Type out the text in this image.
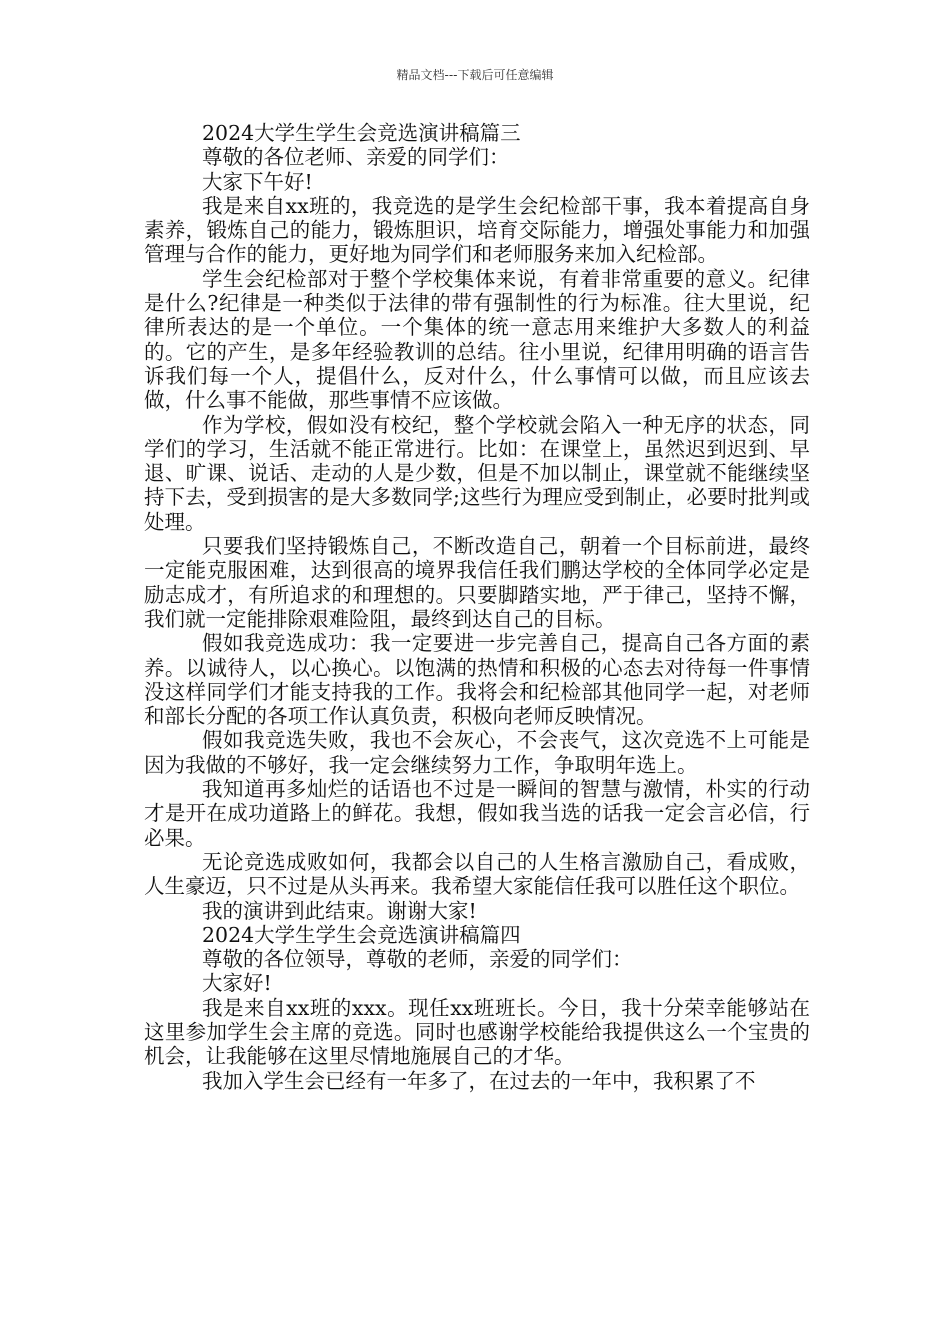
精品文档---下载后可任意编辑

2024大学生学生会竞选演讲稿篇三

尊敬的各位老师、亲爱的同学们：

大家下午好!

我是来自xx班的，我竞选的是学生会纪检部干事，我本着提高自身素养，锻炼自己的能力，锻炼胆识，培育交际能力，增强处事能力和加强管理与合作的能力，更好地为同学们和老师服务来加入纪检部。

学生会纪检部对于整个学校集体来说，有着非常重要的意义。纪律是什么?纪律是一种类似于法律的带有强制性的行为标准。往大里说，纪律所表达的是一个单位。一个集体的统一意志用来维护大多数人的利益的。它的产生，是多年经验教训的总结。往小里说，纪律用明确的语言告诉我们每一个人，提倡什么，反对什么，什么事情可以做，而且应该去做，什么事不能做，那些事情不应该做。

作为学校，假如没有校纪，整个学校就会陷入一种无序的状态，同学们的学习，生活就不能正常进行。比如：在课堂上，虽然迟到迟到、早退、旷课、说话、走动的人是少数，但是不加以制止，课堂就不能继续坚持下去，受到损害的是大多数同学;这些行为理应受到制止，必要时批判或处理。

只要我们坚持锻炼自己，不断改造自己，朝着一个目标前进，最终一定能克服困难，达到很高的境界我信任我们鹏达学校的全体同学必定是励志成才，有所追求的和理想的。只要脚踏实地，严于律己，坚持不懈，我们就一定能排除艰难险阻，最终到达自己的目标。

假如我竞选成功：我一定要进一步完善自己，提高自己各方面的素养。以诚待人，以心换心。以饱满的热情和积极的心态去对待每一件事情没这样同学们才能支持我的工作。我将会和纪检部其他同学一起，对老师和部长分配的各项工作认真负责，积极向老师反映情况。

假如我竞选失败，我也不会灰心，不会丧气，这次竞选不上可能是因为我做的不够好，我一定会继续努力工作，争取明年选上。

我知道再多灿烂的话语也不过是一瞬间的智慧与激情，朴实的行动才是开在成功道路上的鲜花。我想，假如我当选的话我一定会言必信，行必果。

无论竞选成败如何，我都会以自己的人生格言激励自己，看成败，人生豪迈，只不过是从头再来。我希望大家能信任我可以胜任这个职位。

我的演讲到此结束。谢谢大家!

2024大学生学生会竞选演讲稿篇四

尊敬的各位领导，尊敬的老师，亲爱的同学们：

大家好!

我是来自xx班的xxx。现任xx班班长。今日，我十分荣幸能够站在这里参加学生会主席的竞选。同时也感谢学校能给我提供这么一个宝贵的机会，让我能够在这里尽情地施展自己的才华。

我加入学生会已经有一年多了，在过去的一年中，我积累了不
